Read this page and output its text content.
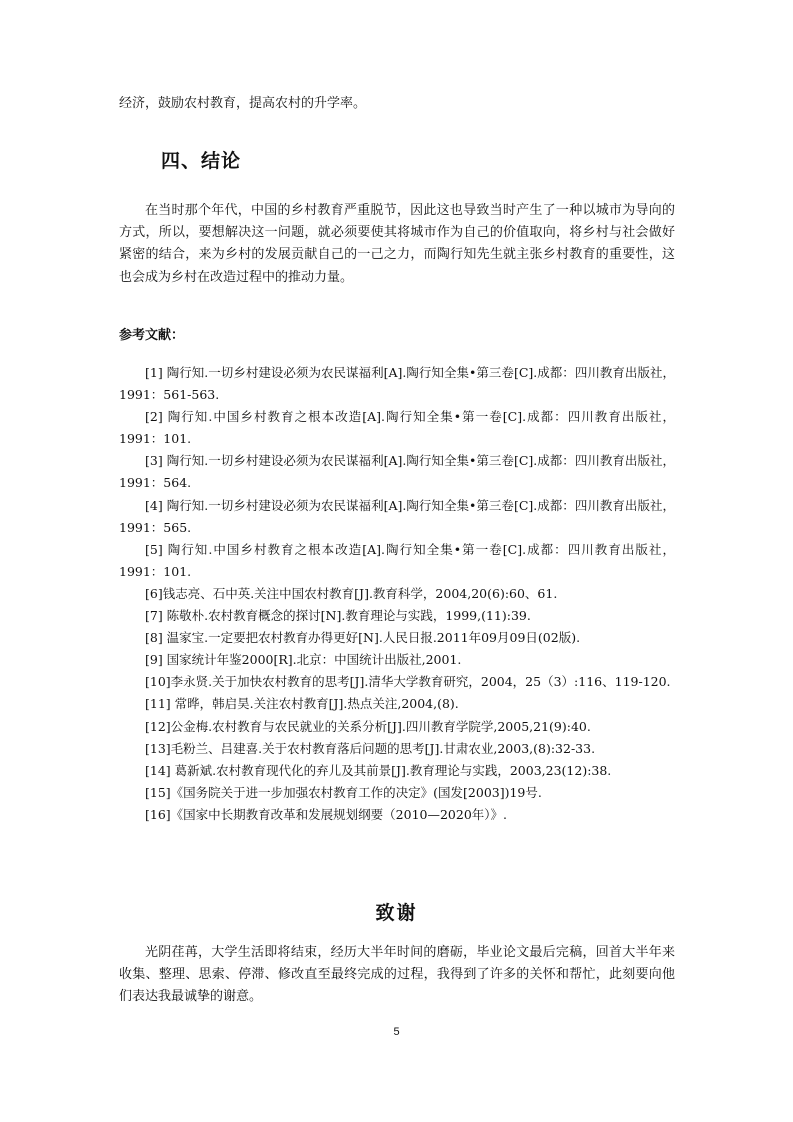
经济，鼓励农村教育，提高农村的升学率。
四、结论
在当时那个年代，中国的乡村教育严重脱节，因此这也导致当时产生了一种以城市为导向的方式，所以，要想解决这一问题，就必须要使其将城市作为自己的价值取向，将乡村与社会做好紧密的结合，来为乡村的发展贡献自己的一己之力，而陶行知先生就主张乡村教育的重要性，这也会成为乡村在改造过程中的推动力量。
参考文献：
[1] 陶行知.一切乡村建设必须为农民谋福利[A].陶行知全集•第三卷[C].成都：四川教育出版社，1991：561-563.
[2] 陶行知.中国乡村教育之根本改造[A].陶行知全集•第一卷[C].成都：四川教育出版社，1991：101.
[3] 陶行知.一切乡村建设必须为农民谋福利[A].陶行知全集•第三卷[C].成都：四川教育出版社，1991：564.
[4] 陶行知.一切乡村建设必须为农民谋福利[A].陶行知全集•第三卷[C].成都：四川教育出版社，1991：565.
[5] 陶行知.中国乡村教育之根本改造[A].陶行知全集•第一卷[C].成都：四川教育出版社，1991：101.
[6]钱志亮、石中英.关注中国农村教育[J].教育科学，2004,20(6):60、61.
[7] 陈敬朴.农村教育概念的探讨[N].教育理论与实践，1999,(11):39.
[8] 温家宝.一定要把农村教育办得更好[N].人民日报.2011年09月09日(02版).
[9] 国家统计年鉴2000[R].北京：中国统计出版社,2001.
[10]李永贤.关于加快农村教育的思考[J].清华大学教育研究，2004，25（3）:116、119-120.
[11] 常晔，韩启昊.关注农村教育[J].热点关注,2004,(8).
[12]公金梅.农村教育与农民就业的关系分析[J].四川教育学院学,2005,21(9):40.
[13]毛粉兰、吕建喜.关于农村教育落后问题的思考[J].甘肃农业,2003,(8):32-33.
[14] 葛新斌.农村教育现代化的弃儿及其前景[J].教育理论与实践，2003,23(12):38.
[15]《国务院关于进一步加强农村教育工作的决定》(国发[2003])19号.
[16]《国家中长期教育改革和发展规划纲要（2010—2020年）》.
致谢
光阴荏苒，大学生活即将结束，经历大半年时间的磨砺，毕业论文最后完稿，回首大半年来收集、整理、思索、停滞、修改直至最终完成的过程，我得到了许多的关怀和帮忙，此刻要向他们表达我最诚挚的谢意。
5
